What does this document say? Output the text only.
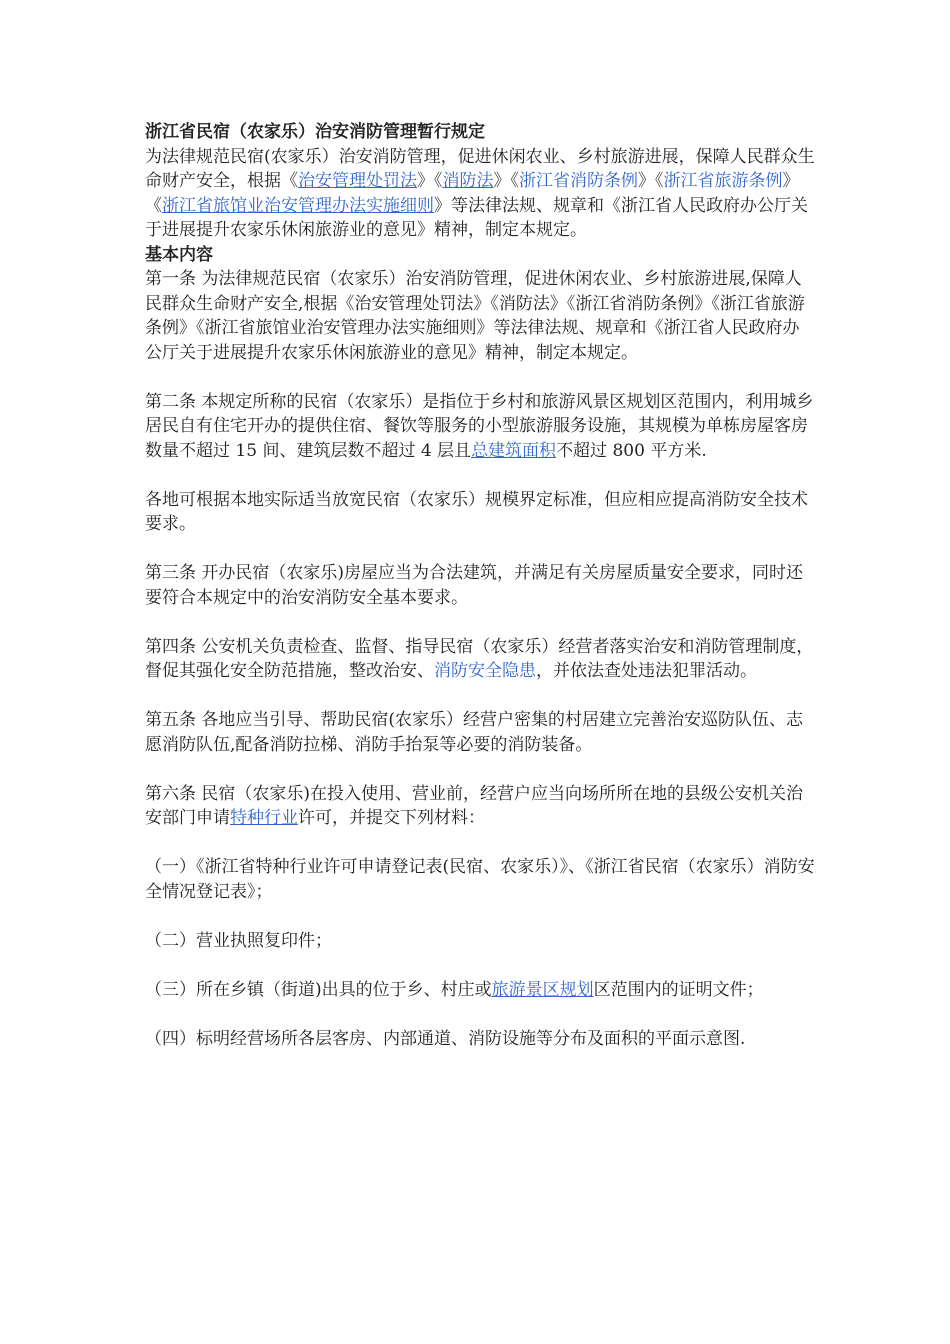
浙江省民宿（农家乐）治安消防管理暂行规定

为法律规范民宿(农家乐）治安消防管理，促进休闲农业、乡村旅游进展，保障人民群众生命财产安全，根据《治安管理处罚法》《消防法》《浙江省消防条例》《浙江省旅游条例》《浙江省旅馆业治安管理办法实施细则》等法律法规、规章和《浙江省人民政府办公厅关于进展提升农家乐休闲旅游业的意见》精神，制定本规定。

基本内容

第一条 为法律规范民宿（农家乐）治安消防管理，促进休闲农业、乡村旅游进展,保障人民群众生命财产安全,根据《治安管理处罚法》《消防法》《浙江省消防条例》《浙江省旅游条例》《浙江省旅馆业治安管理办法实施细则》等法律法规、规章和《浙江省人民政府办公厅关于进展提升农家乐休闲旅游业的意见》精神，制定本规定。

第二条 本规定所称的民宿（农家乐）是指位于乡村和旅游风景区规划区范围内，利用城乡居民自有住宅开办的提供住宿、餐饮等服务的小型旅游服务设施，其规模为单栋房屋客房数量不超过 15 间、建筑层数不超过 4 层且总建筑面积不超过 800 平方米.

各地可根据本地实际适当放宽民宿（农家乐）规模界定标准，但应相应提高消防安全技术要求。

第三条 开办民宿（农家乐)房屋应当为合法建筑，并满足有关房屋质量安全要求，同时还要符合本规定中的治安消防安全基本要求。

第四条 公安机关负责检查、监督、指导民宿（农家乐）经营者落实治安和消防管理制度，督促其强化安全防范措施，整改治安、消防安全隐患，并依法查处违法犯罪活动。

第五条 各地应当引导、帮助民宿(农家乐）经营户密集的村居建立完善治安巡防队伍、志愿消防队伍,配备消防拉梯、消防手抬泵等必要的消防装备。

第六条 民宿（农家乐)在投入使用、营业前，经营户应当向场所所在地的县级公安机关治安部门申请特种行业许可，并提交下列材料：

（一）《浙江省特种行业许可申请登记表(民宿、农家乐）》、《浙江省民宿（农家乐）消防安全情况登记表》；

（二）营业执照复印件；

（三）所在乡镇（街道)出具的位于乡、村庄或旅游景区规划区范围内的证明文件；

（四）标明经营场所各层客房、内部通道、消防设施等分布及面积的平面示意图.
